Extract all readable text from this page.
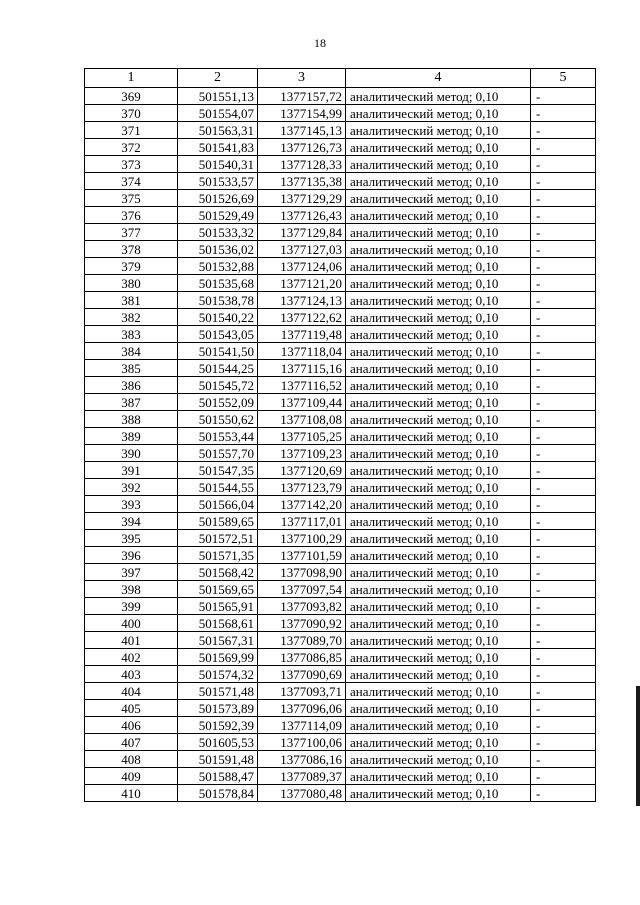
18
1	2	3	4	5
369	501551,13	1377157,72	аналитический метод; 0,10	-
370	501554,07	1377154,99	аналитический метод; 0,10	-
371	501563,31	1377145,13	аналитический метод; 0,10	-
372	501541,83	1377126,73	аналитический метод; 0,10	-
373	501540,31	1377128,33	аналитический метод; 0,10	-
374	501533,57	1377135,38	аналитический метод; 0,10	-
375	501526,69	1377129,29	аналитический метод; 0,10	-
376	501529,49	1377126,43	аналитический метод; 0,10	-
377	501533,32	1377129,84	аналитический метод; 0,10	-
378	501536,02	1377127,03	аналитический метод; 0,10	-
379	501532,88	1377124,06	аналитический метод; 0,10	-
380	501535,68	1377121,20	аналитический метод; 0,10	-
381	501538,78	1377124,13	аналитический метод; 0,10	-
382	501540,22	1377122,62	аналитический метод; 0,10	-
383	501543,05	1377119,48	аналитический метод; 0,10	-
384	501541,50	1377118,04	аналитический метод; 0,10	-
385	501544,25	1377115,16	аналитический метод; 0,10	-
386	501545,72	1377116,52	аналитический метод; 0,10	-
387	501552,09	1377109,44	аналитический метод; 0,10	-
388	501550,62	1377108,08	аналитический метод; 0,10	-
389	501553,44	1377105,25	аналитический метод; 0,10	-
390	501557,70	1377109,23	аналитический метод; 0,10	-
391	501547,35	1377120,69	аналитический метод; 0,10	-
392	501544,55	1377123,79	аналитический метод; 0,10	-
393	501566,04	1377142,20	аналитический метод; 0,10	-
394	501589,65	1377117,01	аналитический метод; 0,10	-
395	501572,51	1377100,29	аналитический метод; 0,10	-
396	501571,35	1377101,59	аналитический метод; 0,10	-
397	501568,42	1377098,90	аналитический метод; 0,10	-
398	501569,65	1377097,54	аналитический метод; 0,10	-
399	501565,91	1377093,82	аналитический метод; 0,10	-
400	501568,61	1377090,92	аналитический метод; 0,10	-
401	501567,31	1377089,70	аналитический метод; 0,10	-
402	501569,99	1377086,85	аналитический метод; 0,10	-
403	501574,32	1377090,69	аналитический метод; 0,10	-
404	501571,48	1377093,71	аналитический метод; 0,10	-
405	501573,89	1377096,06	аналитический метод; 0,10	-
406	501592,39	1377114,09	аналитический метод; 0,10	-
407	501605,53	1377100,06	аналитический метод; 0,10	-
408	501591,48	1377086,16	аналитический метод; 0,10	-
409	501588,47	1377089,37	аналитический метод; 0,10	-
410	501578,84	1377080,48	аналитический метод; 0,10	-
